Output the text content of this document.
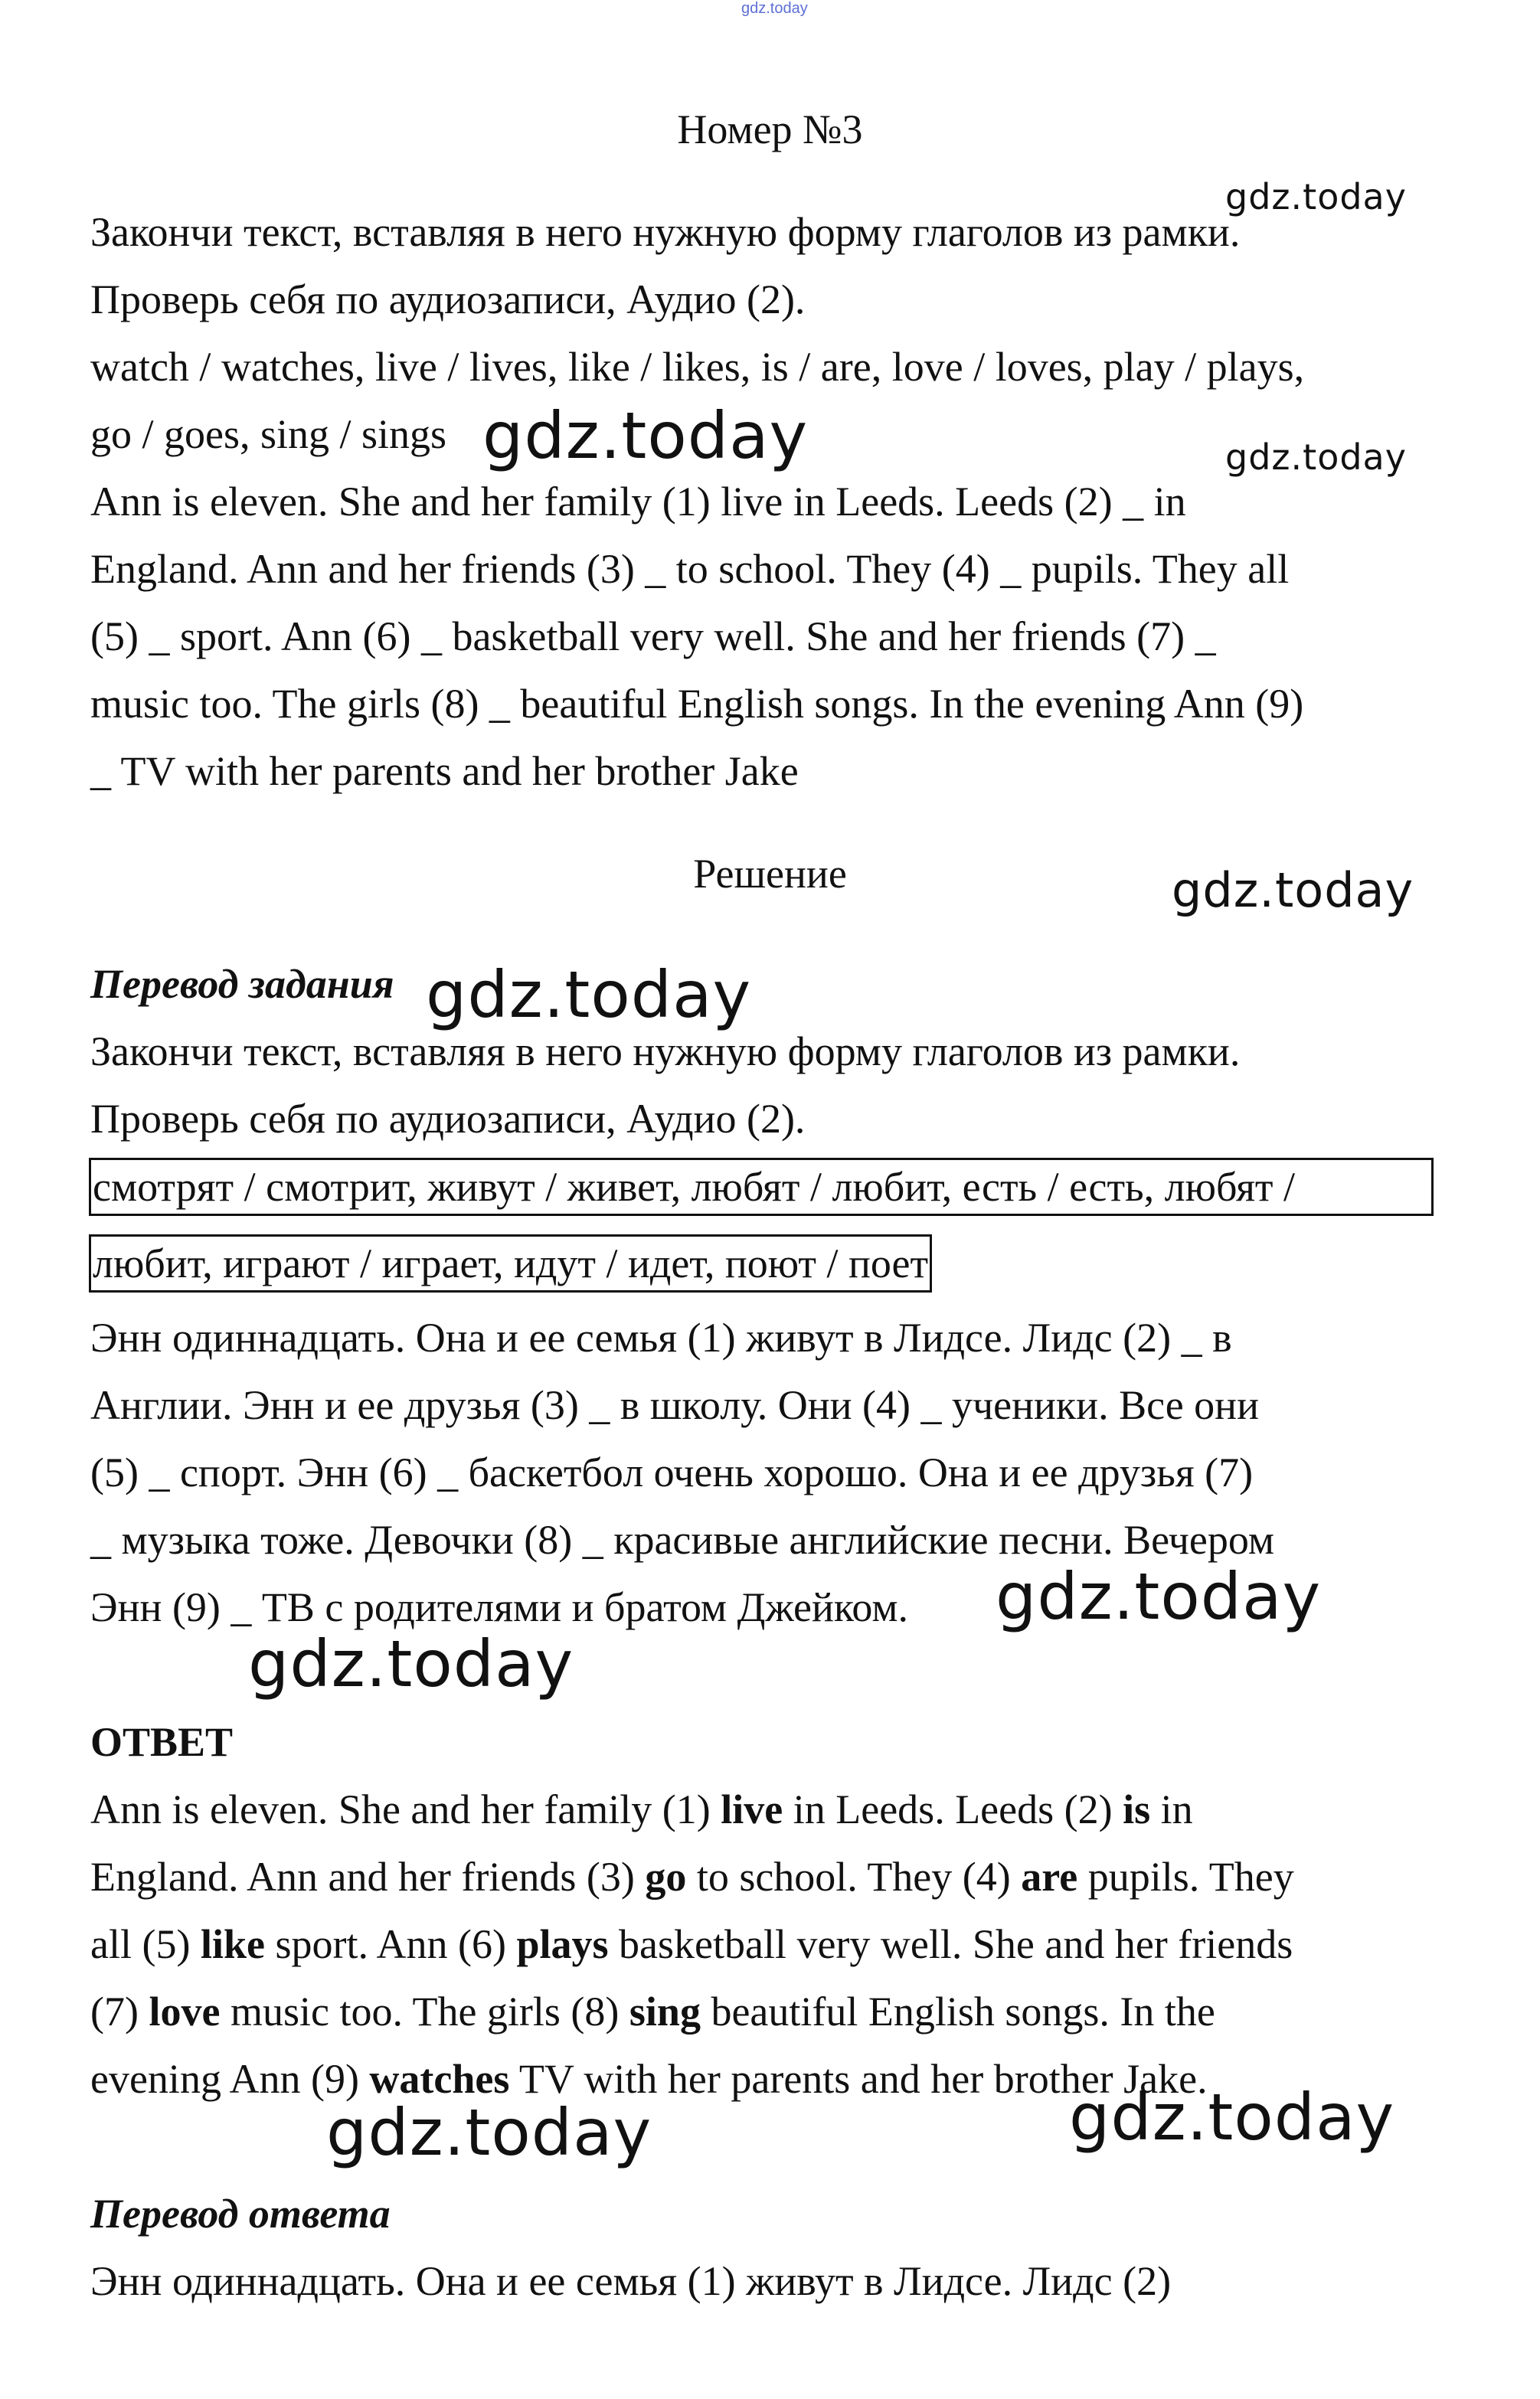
gdz.today
Номер №3
Закончи текст, вставляя в него нужную форму глаголов из рамки.
Проверь себя по аудиозаписи, Аудио (2).
watch / watches, live / lives, like / likes, is / are, love / loves, play / plays,
go / goes, sing / sings
Ann is eleven. She and her family (1) live in Leeds. Leeds (2) _ in
England. Ann and her friends (3) _ to school. They (4) _ pupils. They all
(5) _ sport. Ann (6) _ basketball very well. She and her friends (7) _
music too. The girls (8) _ beautiful English songs. In the evening Ann (9)
_ TV with her parents and her brother Jake
Решение
Перевод задания
Закончи текст, вставляя в него нужную форму глаголов из рамки.
Проверь себя по аудиозаписи, Аудио (2).
смотрят / смотрит, живут / живет, любят / любит, есть / есть, любят /
любит, играют / играет, идут / идет, поют / поет
Энн одиннадцать. Она и ее семья (1) живут в Лидсе. Лидс (2) _ в
Англии. Энн и ее друзья (3) _ в школу. Они (4) _ ученики. Все они
(5) _ спорт. Энн (6) _ баскетбол очень хорошо. Она и ее друзья (7)
_ музыка тоже. Девочки (8) _ красивые английские песни. Вечером
Энн (9) _ ТВ с родителями и братом Джейком.
ОТВЕТ
Ann is eleven. She and her family (1) live in Leeds. Leeds (2) is in
England. Ann and her friends (3) go to school. They (4) are pupils. They
all (5) like sport. Ann (6) plays basketball very well. She and her friends
(7) love music too. The girls (8) sing beautiful English songs. In the
evening Ann (9) watches TV with her parents and her brother Jake.
Перевод ответа
Энн одиннадцать. Она и ее семья (1) живут в Лидсе. Лидс (2)
gdz.today
gdz.today	gdz.today
gdz.today
gdz.today
gdz.today
gdz.today
gdz.today	gdz.today
